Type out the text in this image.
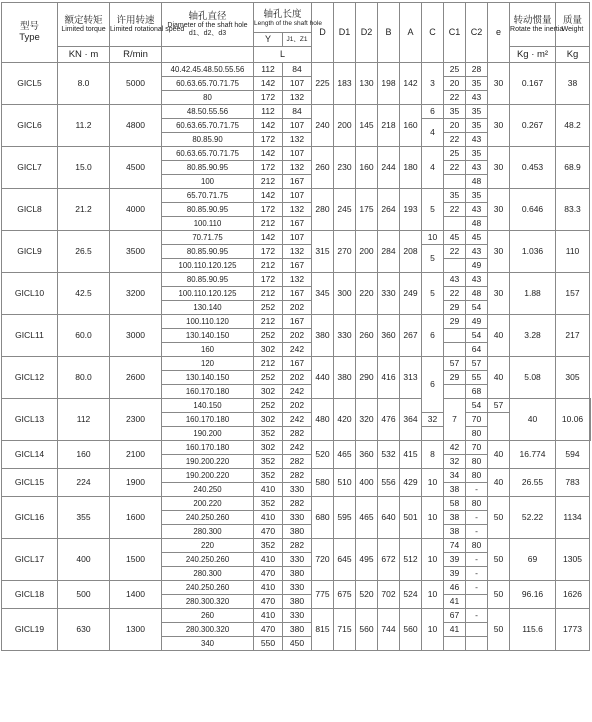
型号
Type	额定转矩
Limited torque	许用转速
Limited rotational speed	轴孔直径
Diameter of the shaft hole
d1、d2、d3	轴孔长度
Length of the shaft hole		D	D1	D2	B	A	C	C1	C2	e	转动惯量
Rotate the inertia	质量
Weight	

				Y	J1、Z1												

	KN · m	R/min		L											Kg · m²	Kg	

GICL5	8.0	5000	40.42.45.48.50.55.56	112	84	225	183	130	198	142	3	25	28	30	0.167	38	
			60.63.65.70.71.75	142	107							20	35				
			80	172	132							22	43				
GICL6	11.2	4800	48.50.55.56	112	84	240	200	145	218	160	6	35	35	30	0.267	48.2	
			60.63.65.70.71.75	142	107						4	20	35				
			80.85.90	172	132							22	43				
GICL7	15.0	4500	60.63.65.70.71.75	142	107	260	230	160	244	180	4	25	35	30	0.453	68.9	
			80.85.90.95	172	132							22	43				
			100	212	167								48				
GICL8	21.2	4000	65.70.71.75	142	107	280	245	175	264	193	5	35	35	30	0.646	83.3	
			80.85.90.95	172	132							22	43				
			100.110	212	167								48				
GICL9	26.5	3500	70.71.75	142	107	315	270	200	284	208	10	45	45	30	1.036	110	
			80.85.90.95	172	132						5	22	43				
			100.110.120.125	212	167								49				
GICL10	42.5	3200	80.85.90.95	172	132	345	300	220	330	249	5	43	43	30	1.88	157	
			100.110.120.125	212	167							22	48				
			130.140	252	202							29	54				
GICL11	60.0	3000	100.110.120	212	167	380	330	260	360	267	6	29	49	40	3.28	217	
			130.140.150	252	202								54				
			160	302	242								64				
GICL12	80.0	2600	120	212	167	440	380	290	416	313	6	57	57	40	5.08	305	
			130.140.150	252	202							29	55				
			160.170.180	302	242								68				
GICL13	112	2300	140.150	252	202	480	420	320	476	364		7	54	57	40	10.06	
			160.170.180	302	242						32		70				
			190.200	352	282								80				
GICL14	160	2100	160.170.180	302	242	520	465	360	532	415	8	42	70	40	16.774	594	
			190.200.220	352	282							32	80				
GICL15	224	1900	190.200.220	352	282	580	510	400	556	429	10	34	80	40	26.55	783	
			240.250	410	330							38	-				
GICL16	355	1600	200.220	352	282	680	595	465	640	501	10	58	80	50	52.22	1134	
			240.250.260	410	330							38	-				
			280.300	470	380							38	-				
GICL17	400	1500	220	352	282	720	645	495	672	512	10	74	80	50	69	1305	
			240.250.260	410	330							39	-				
			280.300	470	380							39	-				
GICL18	500	1400	240.250.260	410	330	775	675	520	702	524	10	46	-	50	96.16	1626	
			280.300.320	470	380							41					
GICL19	630	1300	260	410	330	815	715	560	744	560	10	67	-	50	115.6	1773	
			280.300.320	470	380							41					
			340	550	450												
